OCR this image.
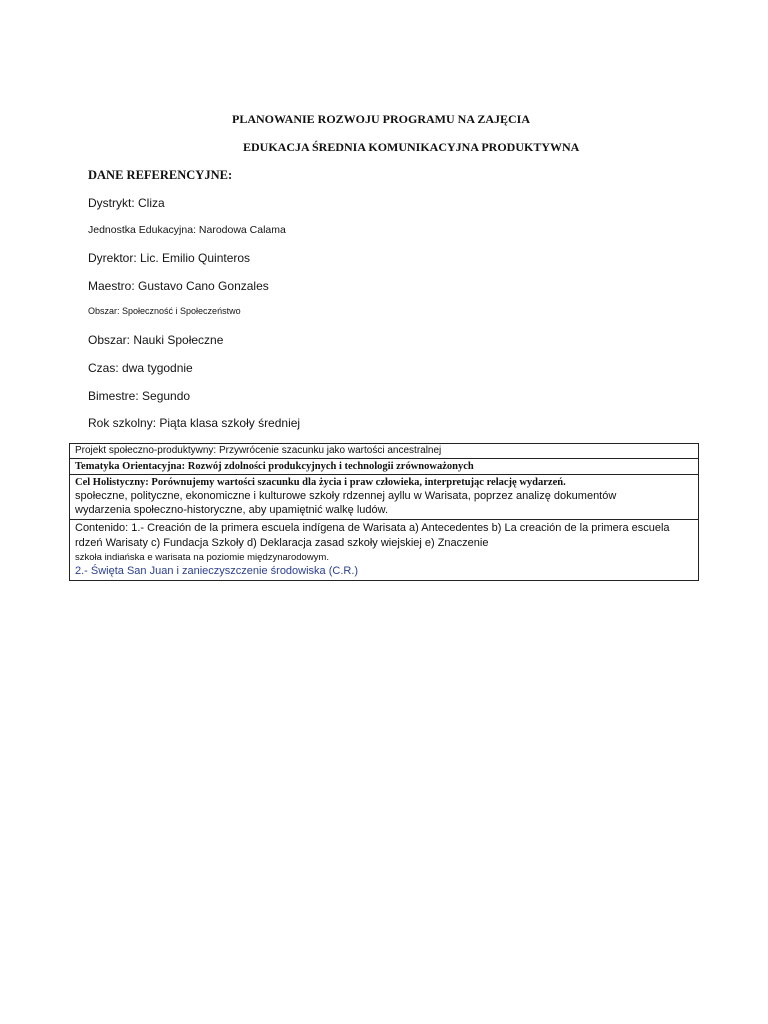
PLANOWANIE ROZWOJU PROGRAMU NA ZAJĘCIA
EDUKACJA ŚREDNIA KOMUNIKACYJNA PRODUKTYWNA
DANE REFERENCYJNE:
Dystrykt: Cliza
Jednostka Edukacyjna: Narodowa Calama
Dyrektor: Lic. Emilio Quinteros
Maestro: Gustavo Cano Gonzales
Obszar: Społeczność i Społeczeństwo
Obszar: Nauki Społeczne
Czas: dwa tygodnie
Bimestre: Segundo
Rok szkolny: Piąta klasa szkoły średniej
Projekt społeczno-produktywny: Przywrócenie szacunku jako wartości ancestralnej
Tematyka Orientacyjna: Rozwój zdolności produkcyjnych i technologii zrównoważonych
Cel Holistyczny: Porównujemy wartości szacunku dla życia i praw człowieka, interpretując relację wydarzeń.
społeczne, polityczne, ekonomiczne i kulturowe szkoły rdzennej ayllu w Warisata, poprzez analizę dokumentów
wydarzenia społeczno-historyczne, aby upamiętnić walkę ludów.
Contenido: 1.- Creación de la primera escuela indígena de Warisata a) Antecedentes b) La creación de la primera escuela
rdzeń Warisaty c) Fundacja Szkoły d) Deklaracja zasad szkoły wiejskiej e) Znaczenie
szkoła indiańska e warisata na poziomie międzynarodowym.
2.- Święta San Juan i zanieczyszczenie środowiska (C.R.)
